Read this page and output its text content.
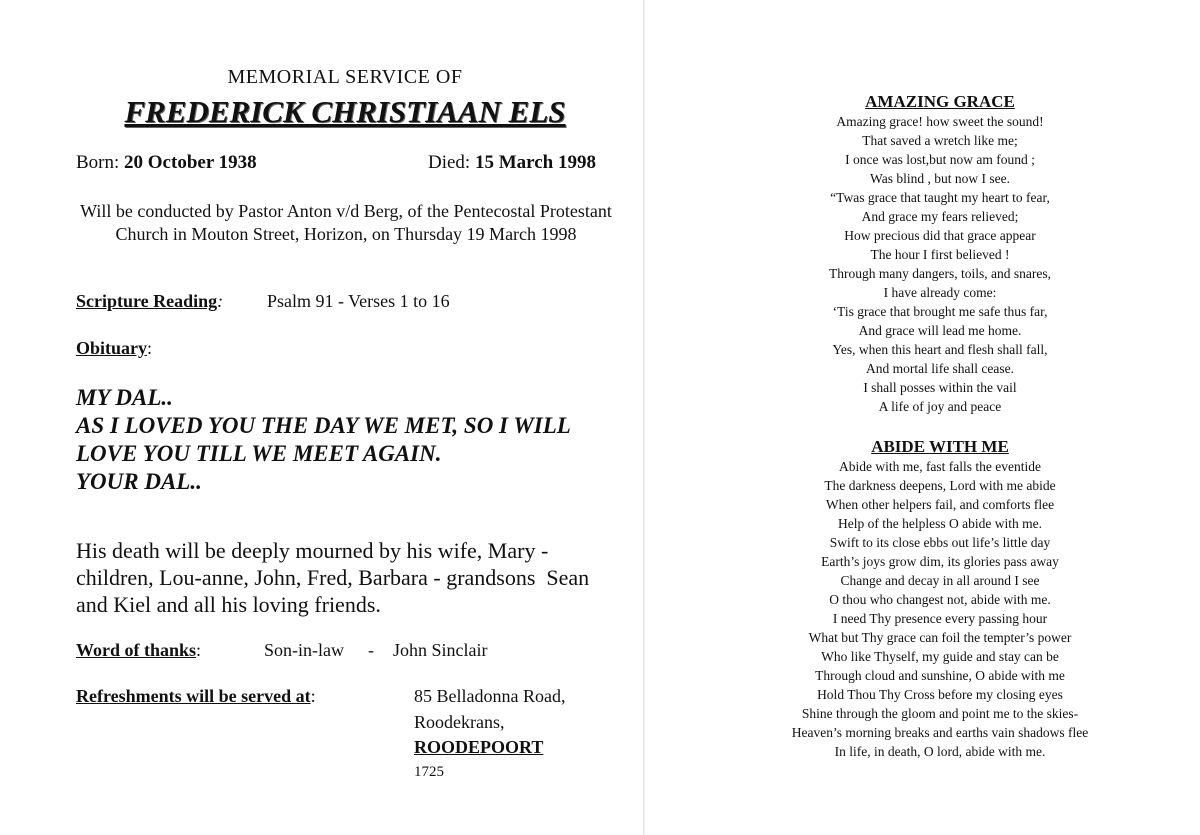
MEMORIAL SERVICE OF
FREDERICK CHRISTIAAN ELS
Born: 20 October 1938	Died: 15 March 1998
Will be conducted by Pastor Anton v/d Berg, of the Pentecostal Protestant Church in Mouton Street, Horizon, on Thursday 19 March 1998
Scripture Reading: Psalm 91 - Verses 1 to 16
Obituary:
MY DAL..
AS I LOVED YOU THE DAY WE MET, SO I WILL
LOVE YOU TILL WE MEET AGAIN.
YOUR DAL..
His death will be deeply mourned by his wife, Mary -
children, Lou-anne, John, Fred, Barbara - grandsons  Sean
and Kiel and all his loving friends.
Word of thanks:	Son-in-law - John Sinclair
Refreshments will be served at:	85 Belladonna Road,
Roodekrans,
ROODEPOORT
1725
AMAZING GRACE
Amazing grace! how sweet the sound!
That saved a wretch like me;
I once was lost,but now am found ;
Was blind , but now I see.
“Twas grace that taught my heart to fear,
And grace my fears relieved;
How precious did that grace appear
The hour I first believed !
Through many dangers, toils, and snares,
I have already come:
‘Tis grace that brought me safe thus far,
And grace will lead me home.
Yes, when this heart and flesh shall fall,
And mortal life shall cease.
I shall posses within the vail
A life of joy and peace
ABIDE WITH ME
Abide with me, fast falls the eventide
The darkness deepens, Lord with me abide
When other helpers fail, and comforts flee
Help of the helpless O abide with me.
Swift to its close ebbs out life’s little day
Earth’s joys grow dim, its glories pass away
Change and decay in all around I see
O thou who changest not, abide with me.
I need Thy presence every passing hour
What but Thy grace can foil the tempter’s power
Who like Thyself, my guide and stay can be
Through cloud and sunshine, O abide with me
Hold Thou Thy Cross before my closing eyes
Shine through the gloom and point me to the skies-
Heaven’s morning breaks and earths vain shadows flee
In life, in death, O lord, abide with me.
